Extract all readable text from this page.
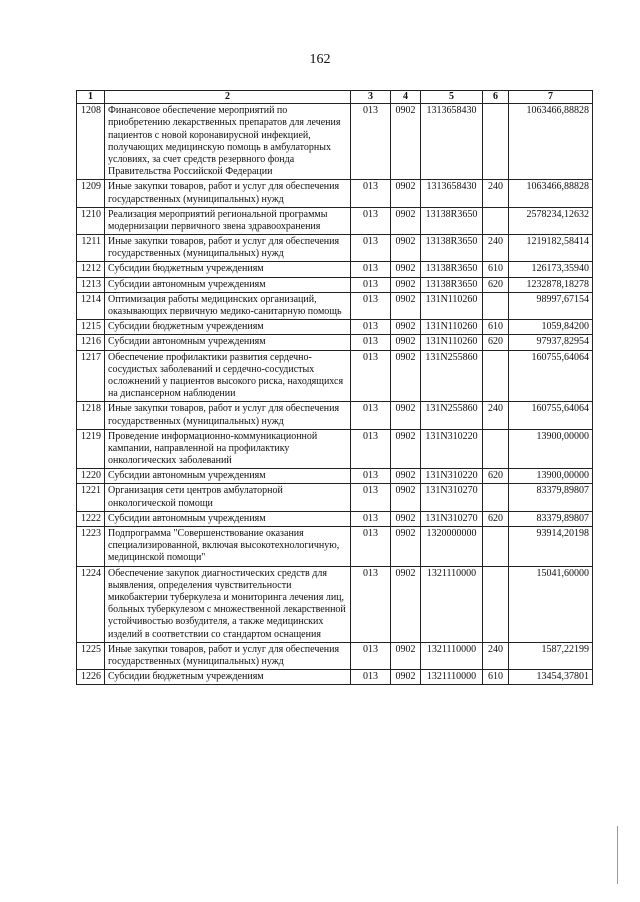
162
1	2	3	4	5	6	7
1208	Финансовое обеспечение мероприятий по приобретению лекарственных препаратов для лечения пациентов с новой коронавирусной инфекцией, получающих медицинскую помощь в амбулаторных условиях, за счет средств резервного фонда Правительства Российской Федерации	013	0902	1313658430		1063466,88828
1209	Иные закупки товаров, работ и услуг для обеспечения государственных (муниципальных) нужд	013	0902	1313658430	240	1063466,88828
1210	Реализация мероприятий региональной программы модернизации первичного звена здравоохранения	013	0902	13138R3650		2578234,12632
1211	Иные закупки товаров, работ и услуг для обеспечения государственных (муниципальных) нужд	013	0902	13138R3650	240	1219182,58414
1212	Субсидии бюджетным учреждениям	013	0902	13138R3650	610	126173,35940
1213	Субсидии автономным учреждениям	013	0902	13138R3650	620	1232878,18278
1214	Оптимизация работы медицинских организаций, оказывающих первичную медико-санитарную помощь	013	0902	131N110260		98997,67154
1215	Субсидии бюджетным учреждениям	013	0902	131N110260	610	1059,84200
1216	Субсидии автономным учреждениям	013	0902	131N110260	620	97937,82954
1217	Обеспечение профилактики развития сердечно-сосудистых заболеваний и сердечно-сосудистых осложнений у пациентов высокого риска, находящихся на диспансерном наблюдении	013	0902	131N255860		160755,64064
1218	Иные закупки товаров, работ и услуг для обеспечения государственных (муниципальных) нужд	013	0902	131N255860	240	160755,64064
1219	Проведение информационно-коммуникационной кампании, направленной на профилактику онкологических заболеваний	013	0902	131N310220		13900,00000
1220	Субсидии автономным учреждениям	013	0902	131N310220	620	13900,00000
1221	Организация сети центров амбулаторной онкологической помощи	013	0902	131N310270		83379,89807
1222	Субсидии автономным учреждениям	013	0902	131N310270	620	83379,89807
1223	Подпрограмма "Совершенствование оказания специализированной, включая высокотехнологичную, медицинской помощи"	013	0902	1320000000		93914,20198
1224	Обеспечение закупок диагностических средств для выявления, определения чувствительности микобактерии туберкулеза и мониторинга лечения лиц, больных туберкулезом с множественной лекарственной устойчивостью возбудителя, а также медицинских изделий в соответствии со стандартом оснащения	013	0902	1321110000		15041,60000
1225	Иные закупки товаров, работ и услуг для обеспечения государственных (муниципальных) нужд	013	0902	1321110000	240	1587,22199
1226	Субсидии бюджетным учреждениям	013	0902	1321110000	610	13454,37801
